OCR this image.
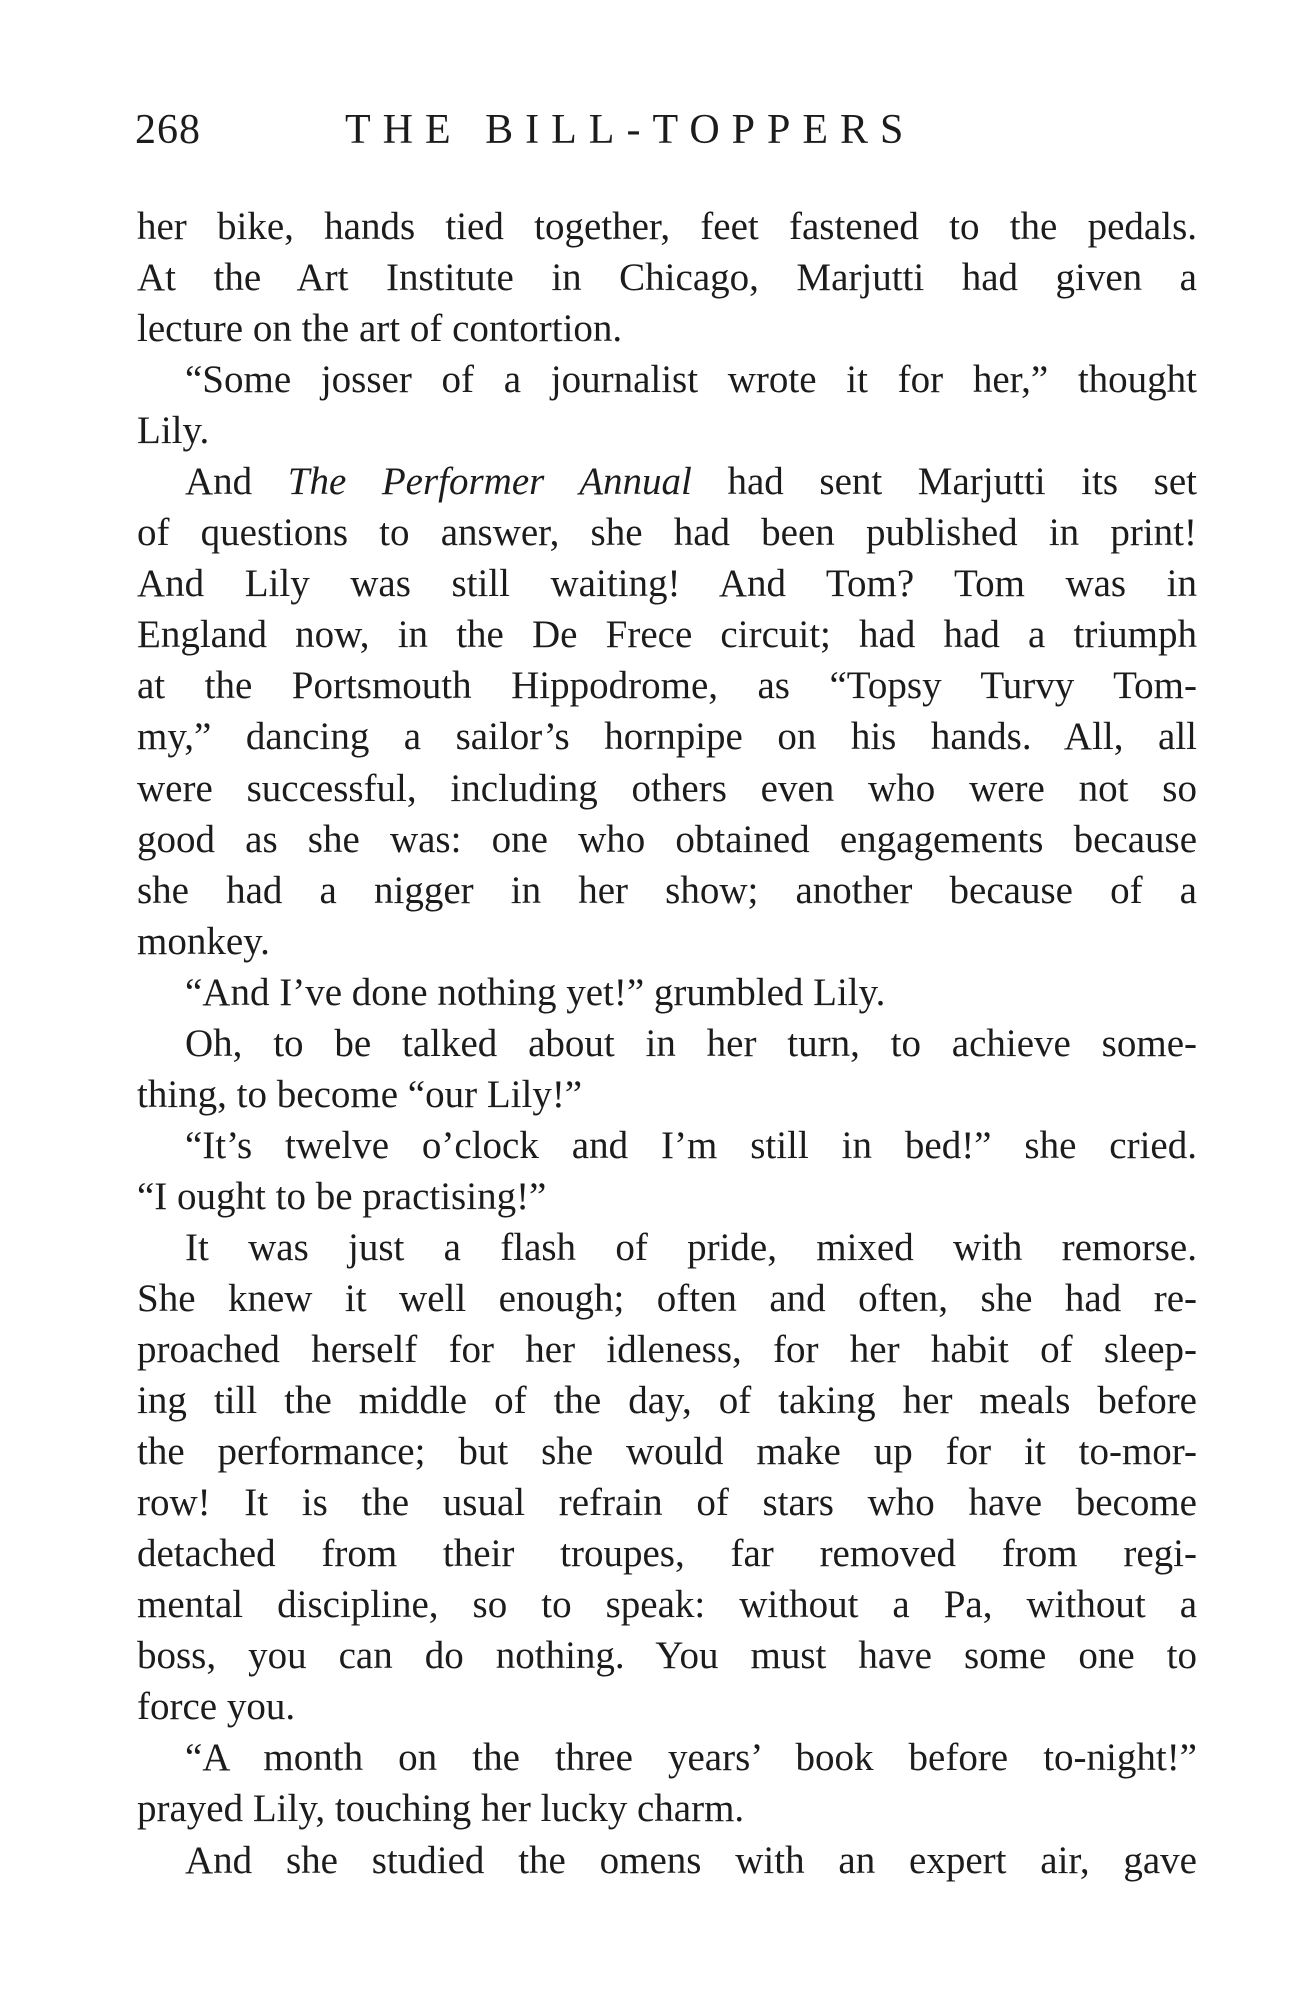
268	THE BILL-TOPPERS
her bike, hands tied together, feet fastened to the pedals.
At the Art Institute in Chicago, Marjutti had given a
lecture on the art of contortion.
“Some josser of a journalist wrote it for her,” thought
Lily.
And The Performer Annual had sent Marjutti its set
of questions to answer, she had been published in print!
And Lily was still waiting! And Tom? Tom was in
England now, in the De Frece circuit; had had a triumph
at the Portsmouth Hippodrome, as “Topsy Turvy Tom-
my,” dancing a sailor’s hornpipe on his hands. All, all
were successful, including others even who were not so
good as she was: one who obtained engagements because
she had a nigger in her show; another because of a
monkey.
“And I’ve done nothing yet!” grumbled Lily.
Oh, to be talked about in her turn, to achieve some-
thing, to become “our Lily!”
“It’s twelve o’clock and I’m still in bed!” she cried.
“I ought to be practising!”
It was just a flash of pride, mixed with remorse.
She knew it well enough; often and often, she had re-
proached herself for her idleness, for her habit of sleep-
ing till the middle of the day, of taking her meals before
the performance; but she would make up for it to-mor-
row! It is the usual refrain of stars who have become
detached from their troupes, far removed from regi-
mental discipline, so to speak: without a Pa, without a
boss, you can do nothing. You must have some one to
force you.
“A month on the three years’ book before to-night!”
prayed Lily, touching her lucky charm.
And she studied the omens with an expert air, gave
